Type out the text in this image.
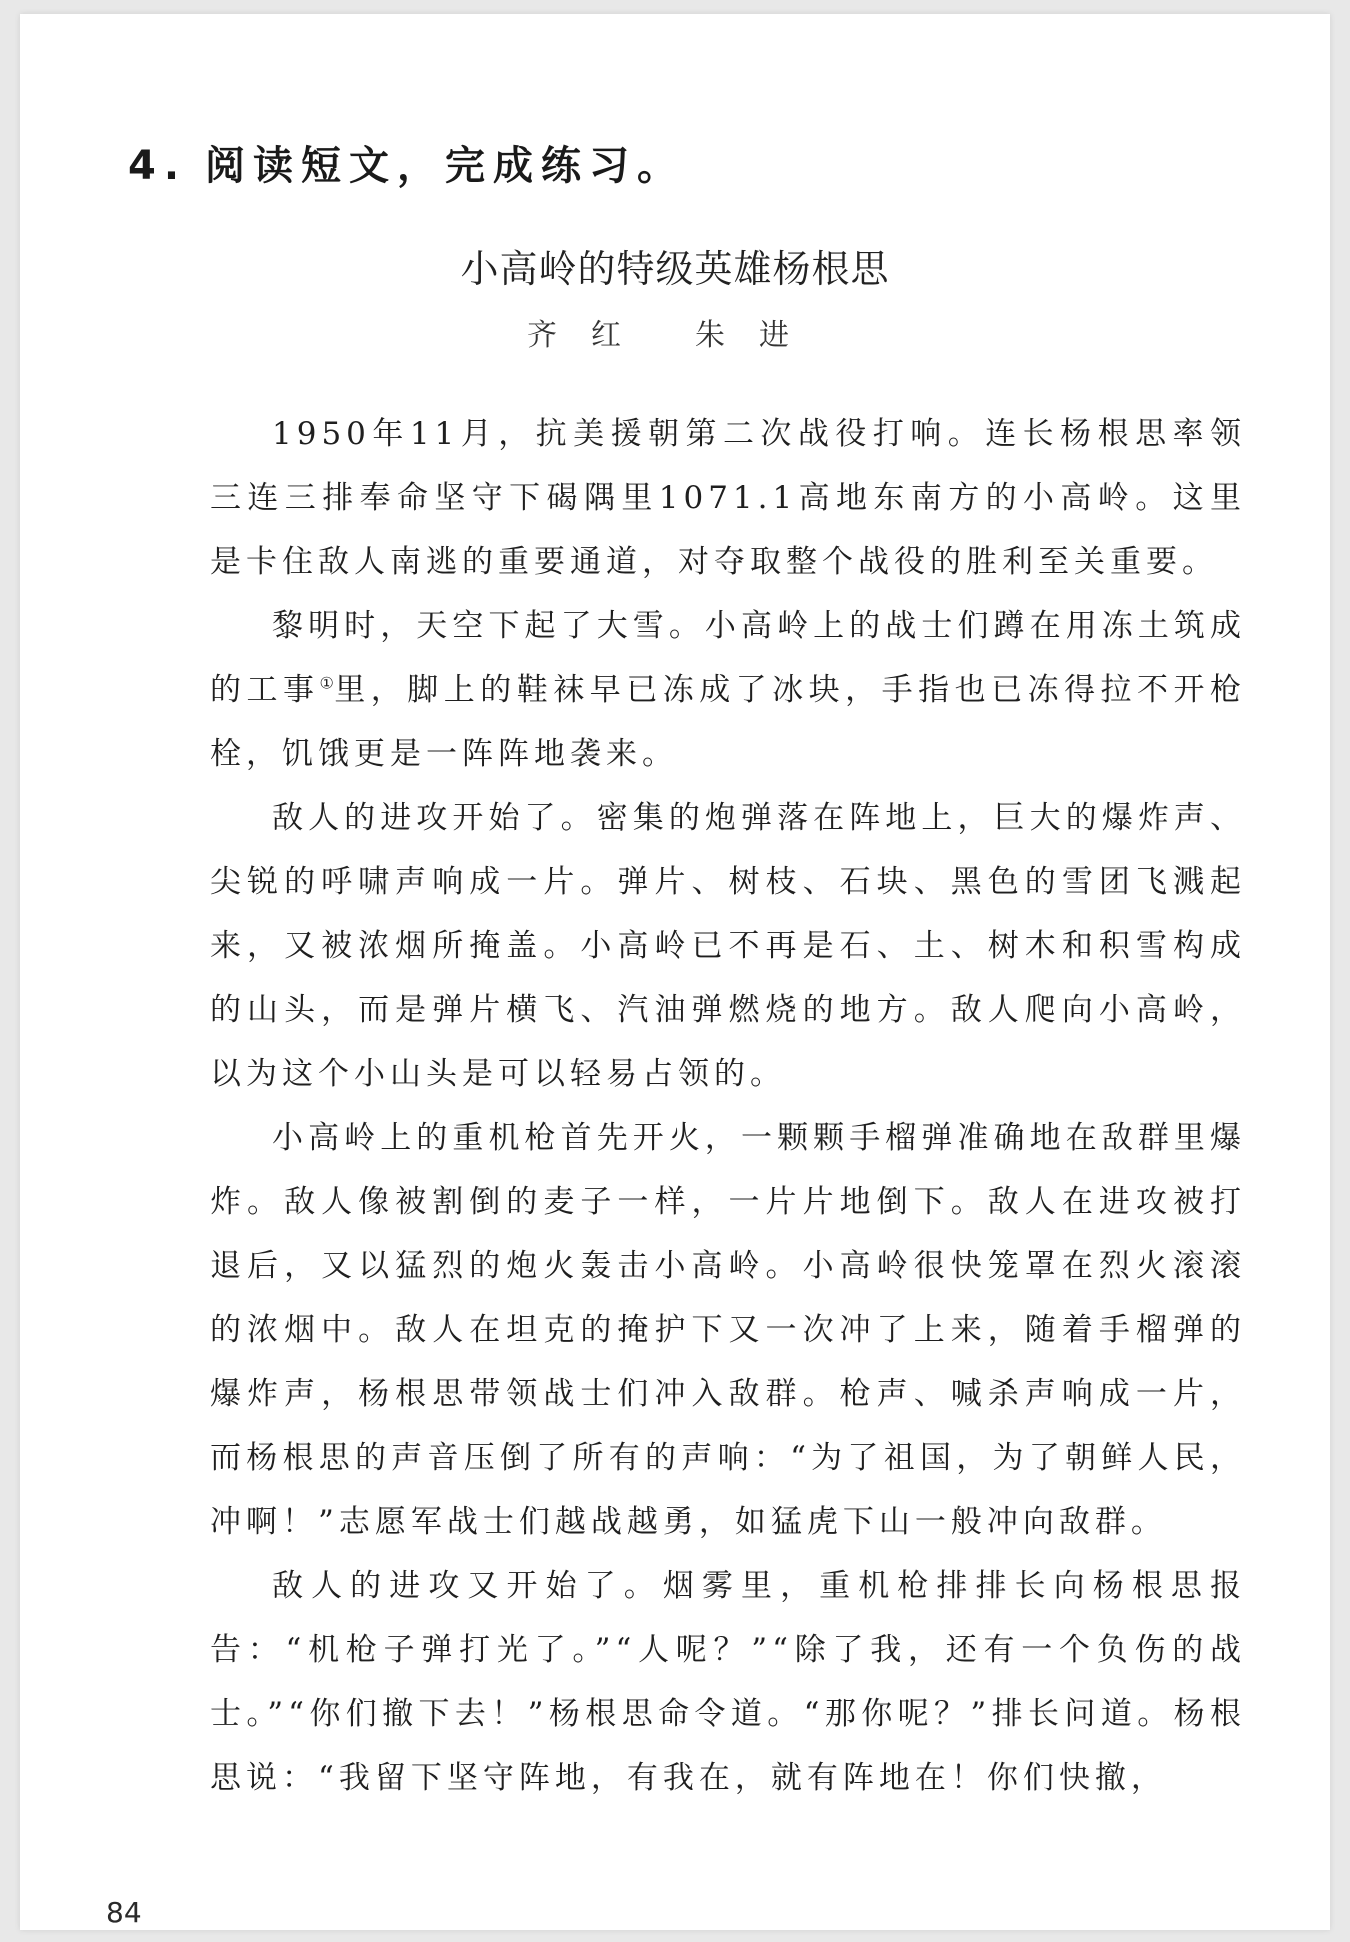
4. 阅读短文，完成练习。
小高岭的特级英雄杨根思
齐红 朱进

1950年11月，抗美援朝第二次战役打响。连长杨根思率领三连三排奉命坚守下碣隅里1071.1高地东南方的小高岭。这里是卡住敌人南逃的重要通道，对夺取整个战役的胜利至关重要。

黎明时，天空下起了大雪。小高岭上的战士们蹲在用冻土筑成的工事①里，脚上的鞋袜早已冻成了冰块，手指也已冻得拉不开枪栓，饥饿更是一阵阵地袭来。

敌人的进攻开始了。密集的炮弹落在阵地上，巨大的爆炸声、尖锐的呼啸声响成一片。弹片、树枝、石块、黑色的雪团飞溅起来，又被浓烟所掩盖。小高岭已不再是石、土、树木和积雪构成的山头，而是弹片横飞、汽油弹燃烧的地方。敌人爬向小高岭，以为这个小山头是可以轻易占领的。

小高岭上的重机枪首先开火，一颗颗手榴弹准确地在敌群里爆炸。敌人像被割倒的麦子一样，一片片地倒下。敌人在进攻被打退后，又以猛烈的炮火轰击小高岭。小高岭很快笼罩在烈火滚滚的浓烟中。敌人在坦克的掩护下又一次冲了上来，随着手榴弹的爆炸声，杨根思带领战士们冲入敌群。枪声、喊杀声响成一片，而杨根思的声音压倒了所有的声响：“为了祖国，为了朝鲜人民，冲啊！”志愿军战士们越战越勇，如猛虎下山一般冲向敌群。

敌人的进攻又开始了。烟雾里，重机枪排排长向杨根思报告：“机枪子弹打光了。”“人呢？”“除了我，还有一个负伤的战士。”“你们撤下去！”杨根思命令道。“那你呢？”排长问道。杨根思说：“我留下坚守阵地，有我在，就有阵地在！你们快撤，

84
